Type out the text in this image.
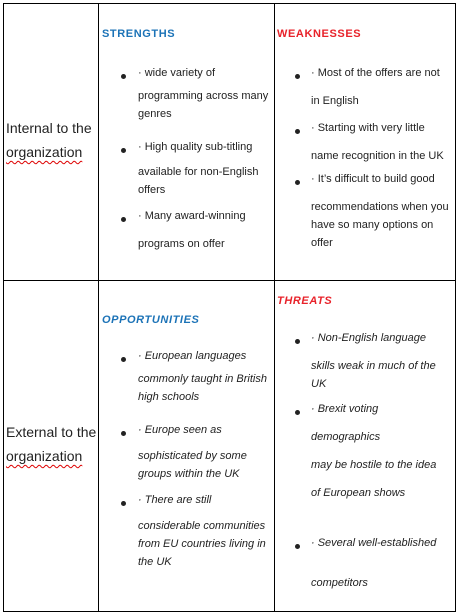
Internal to the
organization
External to the
organization
STRENGTHS
· wide variety of
programming across many
genres
· High quality sub-titling
available for non-English
offers
· Many award-winning
programs on offer
WEAKNESSES
· Most of the offers are not
in English
· Starting with very little
name recognition in the UK
· It’s difficult to build good
recommendations when you
have so many options on
offer
OPPORTUNITIES
· European languages
commonly taught in British
high schools
· Europe seen as
sophisticated by some
groups within the UK
· There are still
considerable communities
from EU countries living in
the UK
THREATS
· Non-English language
skills weak in much of the
UK
· Brexit voting
demographics
may be hostile to the idea
of European shows
· Several well-established
competitors
